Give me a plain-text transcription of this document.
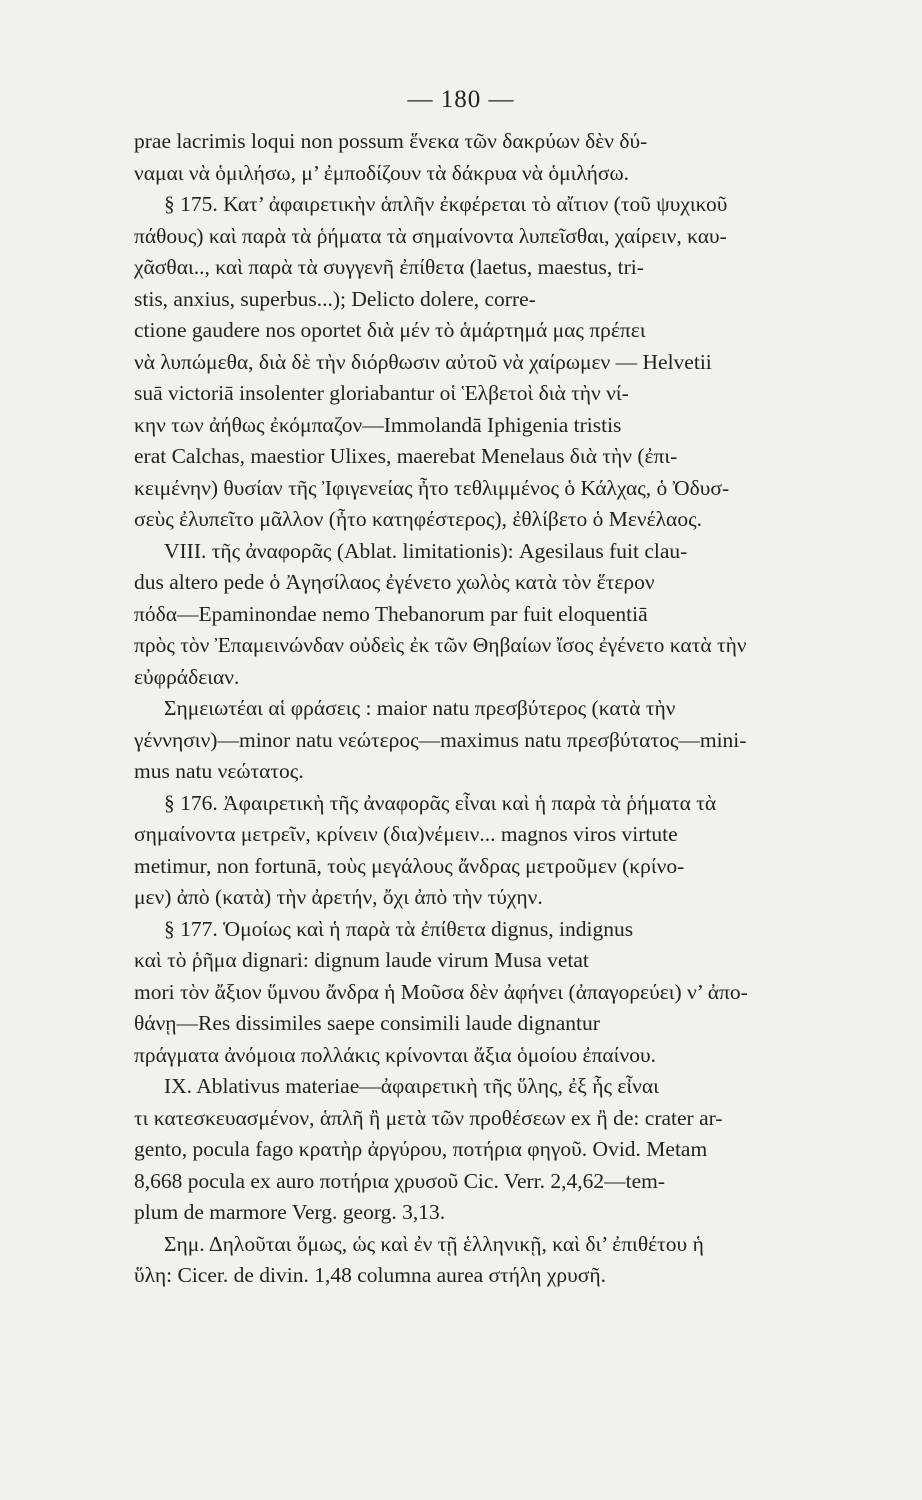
— 180 —
prae lacrimis loqui non possum ἕνεκα τῶν δακρύων δὲν δύ-
ναμαι νὰ ὁμιλήσω, μ’ ἐμποδίζουν τὰ δάκρυα νὰ ὁμιλήσω.
§ 175. Κατ’ ἀφαιρετικὴν ἁπλῆν ἐκφέρεται τὸ αἴτιον (τοῦ ψυχικοῦ
πάθους) καὶ παρὰ τὰ ῥήματα τὰ σημαίνοντα λυπεῖσθαι, χαίρειν, καυ-
χᾶσθαι.., καὶ παρὰ τὰ συγγενῆ ἐπίθετα (laetus, maestus, tri-
stis, anxius, superbus...); Delicto dolere, corre-
ctione gaudere nos oportet διὰ μέν τὸ ἁμάρτημά μας πρέπει
νὰ λυπώμεθα, διὰ δὲ τὴν διόρθωσιν αὐτοῦ νὰ χαίρωμεν — Helvetii
suā victoriā insolenter gloriabantur οἱ Ἑλβετοὶ διὰ τὴν νί-
κην των ἀήθως ἐκόμπαζον—Immolandā Iphigenia tristis
erat Calchas, maestior Ulixes, maerebat Menelaus διὰ τὴν (ἐπι-
κειμένην) θυσίαν τῆς Ἰφιγενείας ἦτο τεθλιμμένος ὁ Κάλχας, ὁ Ὀδυσ-
σεὺς ἐλυπεῖτο μᾶλλον (ἦτο κατηφέστερος), ἐθλίβετο ὁ Μενέλαος.
VIII. τῆς ἀναφορᾶς (Ablat. limitationis): Agesilaus fuit clau-
dus altero pede ὁ Ἀγησίλαος ἐγένετο χωλὸς κατὰ τὸν ἕτερον
πόδα—Epaminondae nemo Thebanorum par fuit eloquentiā
πρὸς τὸν Ἐπαμεινώνδαν οὐδεὶς ἐκ τῶν Θηβαίων ἴσος ἐγένετο κατὰ τὴν
εὐφράδειαν.
Σημειωτέαι αἱ φράσεις : maior natu πρεσβύτερος (κατὰ τὴν
γέννησιν)—minor natu νεώτερος—maximus natu πρεσβύτατος—mini-
mus natu νεώτατος.
§ 176. Ἀφαιρετικὴ τῆς ἀναφορᾶς εἶναι καὶ ἡ παρὰ τὰ ῥήματα τὰ
σημαίνοντα μετρεῖν, κρίνειν (δια)νέμειν... magnos viros virtute
metimur, non fortunā, τοὺς μεγάλους ἄνδρας μετροῦμεν (κρίνο-
μεν) ἀπὸ (κατὰ) τὴν ἀρετήν, ὄχι ἀπὸ τὴν τύχην.
§ 177. Ὁμοίως καὶ ἡ παρὰ τὰ ἐπίθετα dignus, indignus
καὶ τὸ ῥῆμα dignari: dignum laude virum Musa vetat
mori τὸν ἄξιον ὕμνου ἄνδρα ἡ Μοῦσα δὲν ἀφήνει (ἀπαγορεύει) ν’ ἀπο-
θάνῃ—Res dissimiles saepe consimili laude dignantur
πράγματα ἀνόμοια πολλάκις κρίνονται ἄξια ὁμοίου ἐπαίνου.
IX. Ablativus materiae—ἀφαιρετικὴ τῆς ὕλης, ἐξ ἧς εἶναι
τι κατεσκευασμένον, ἁπλῆ ἢ μετὰ τῶν προθέσεων ex ἢ de: crater ar-
gento, pocula fago κρατὴρ ἀργύρου, ποτήρια φηγοῦ. Ovid. Metam
8,668 pocula ex auro ποτήρια χρυσοῦ Cic. Verr. 2,4,62—tem-
plum de marmore Verg. georg. 3,13.
Σημ. Δηλοῦται ὅμως, ὡς καὶ ἐν τῇ ἑλληνικῇ, καὶ δι’ ἐπιθέτου ἡ
ὕλη: Cicer. de divin. 1,48 columna aurea στήλη χρυσῆ.
